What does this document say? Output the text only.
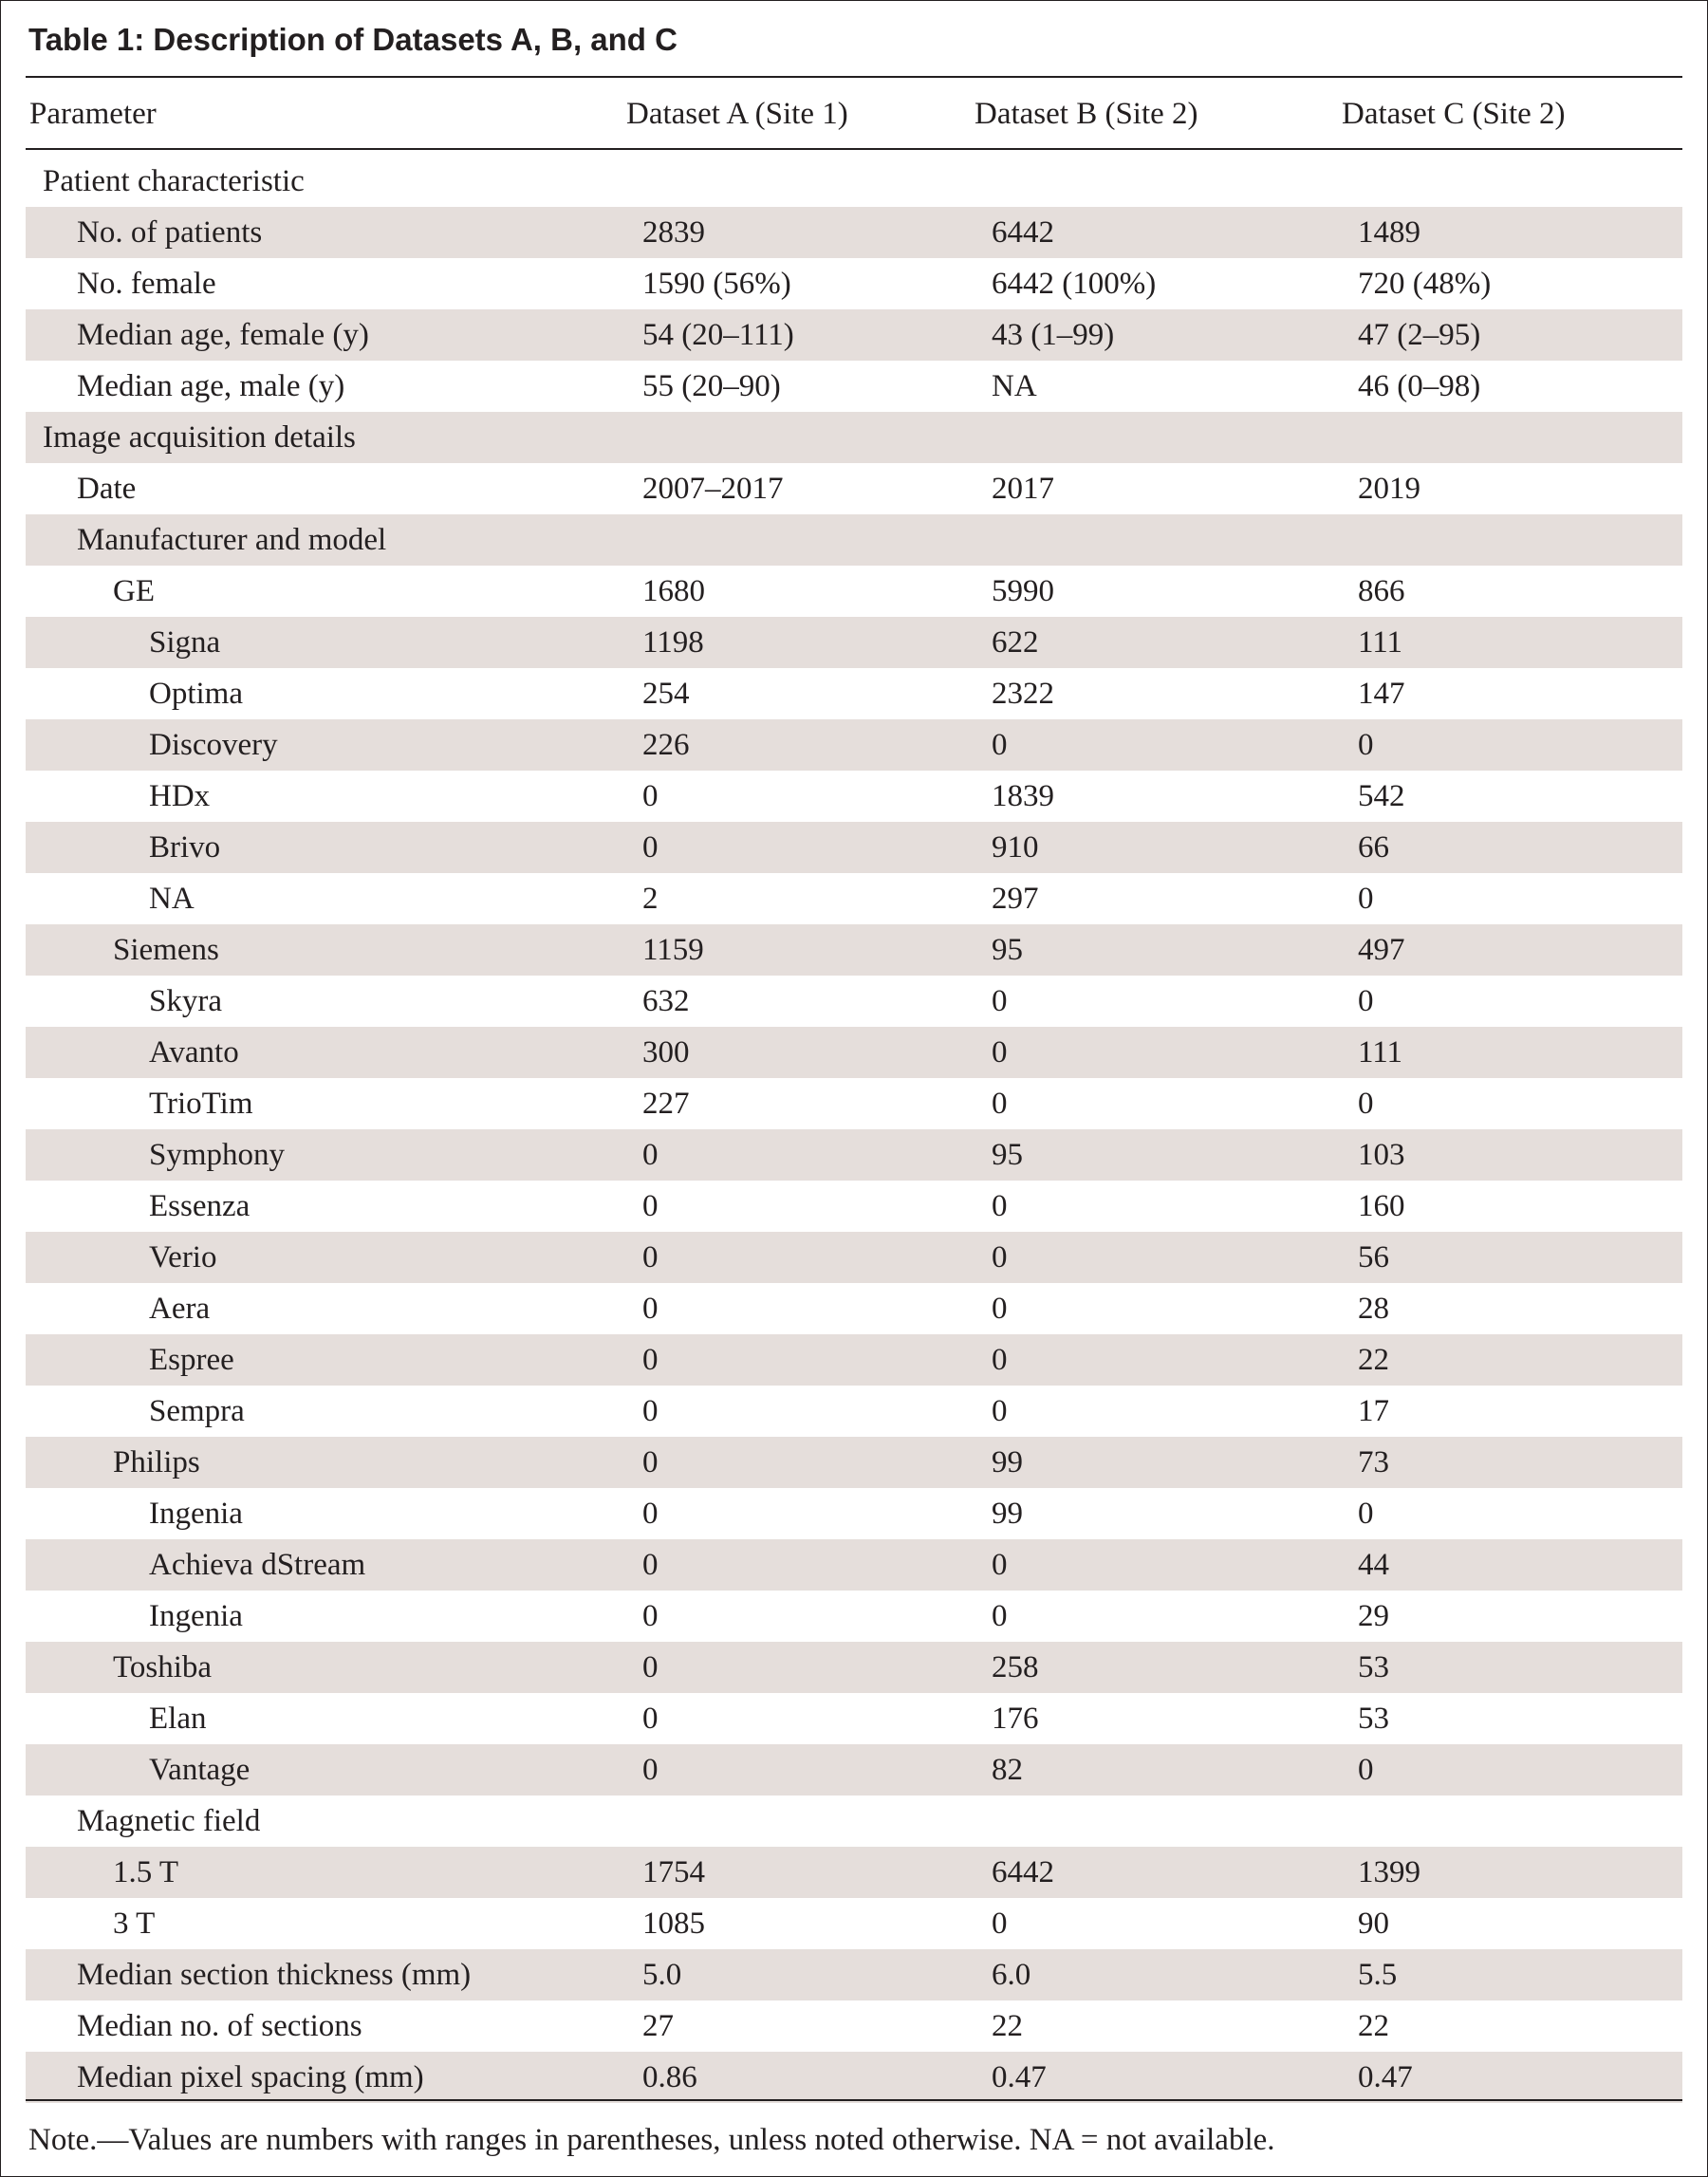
Table 1: Description of Datasets A, B, and C
Parameter	Dataset A (Site 1)	Dataset B (Site 2)	Dataset C (Site 2)
Patient characteristic
No. of patients	2839	6442	1489
No. female	1590 (56%)	6442 (100%)	720 (48%)
Median age, female (y)	54 (20–111)	43 (1–99)	47 (2–95)
Median age, male (y)	55 (20–90)	NA	46 (0–98)
Image acquisition details
Date	2007–2017	2017	2019
Manufacturer and model
GE	1680	5990	866
Signa	1198	622	111
Optima	254	2322	147
Discovery	226	0	0
HDx	0	1839	542
Brivo	0	910	66
NA	2	297	0
Siemens	1159	95	497
Skyra	632	0	0
Avanto	300	0	111
TrioTim	227	0	0
Symphony	0	95	103
Essenza	0	0	160
Verio	0	0	56
Aera	0	0	28
Espree	0	0	22
Sempra	0	0	17
Philips	0	99	73
Ingenia	0	99	0
Achieva dStream	0	0	44
Ingenia	0	0	29
Toshiba	0	258	53
Elan	0	176	53
Vantage	0	82	0
Magnetic field
1.5 T	1754	6442	1399
3 T	1085	0	90
Median section thickness (mm)	5.0	6.0	5.5
Median no. of sections	27	22	22
Median pixel spacing (mm)	0.86	0.47	0.47
Note.—Values are numbers with ranges in parentheses, unless noted otherwise. NA = not available.
